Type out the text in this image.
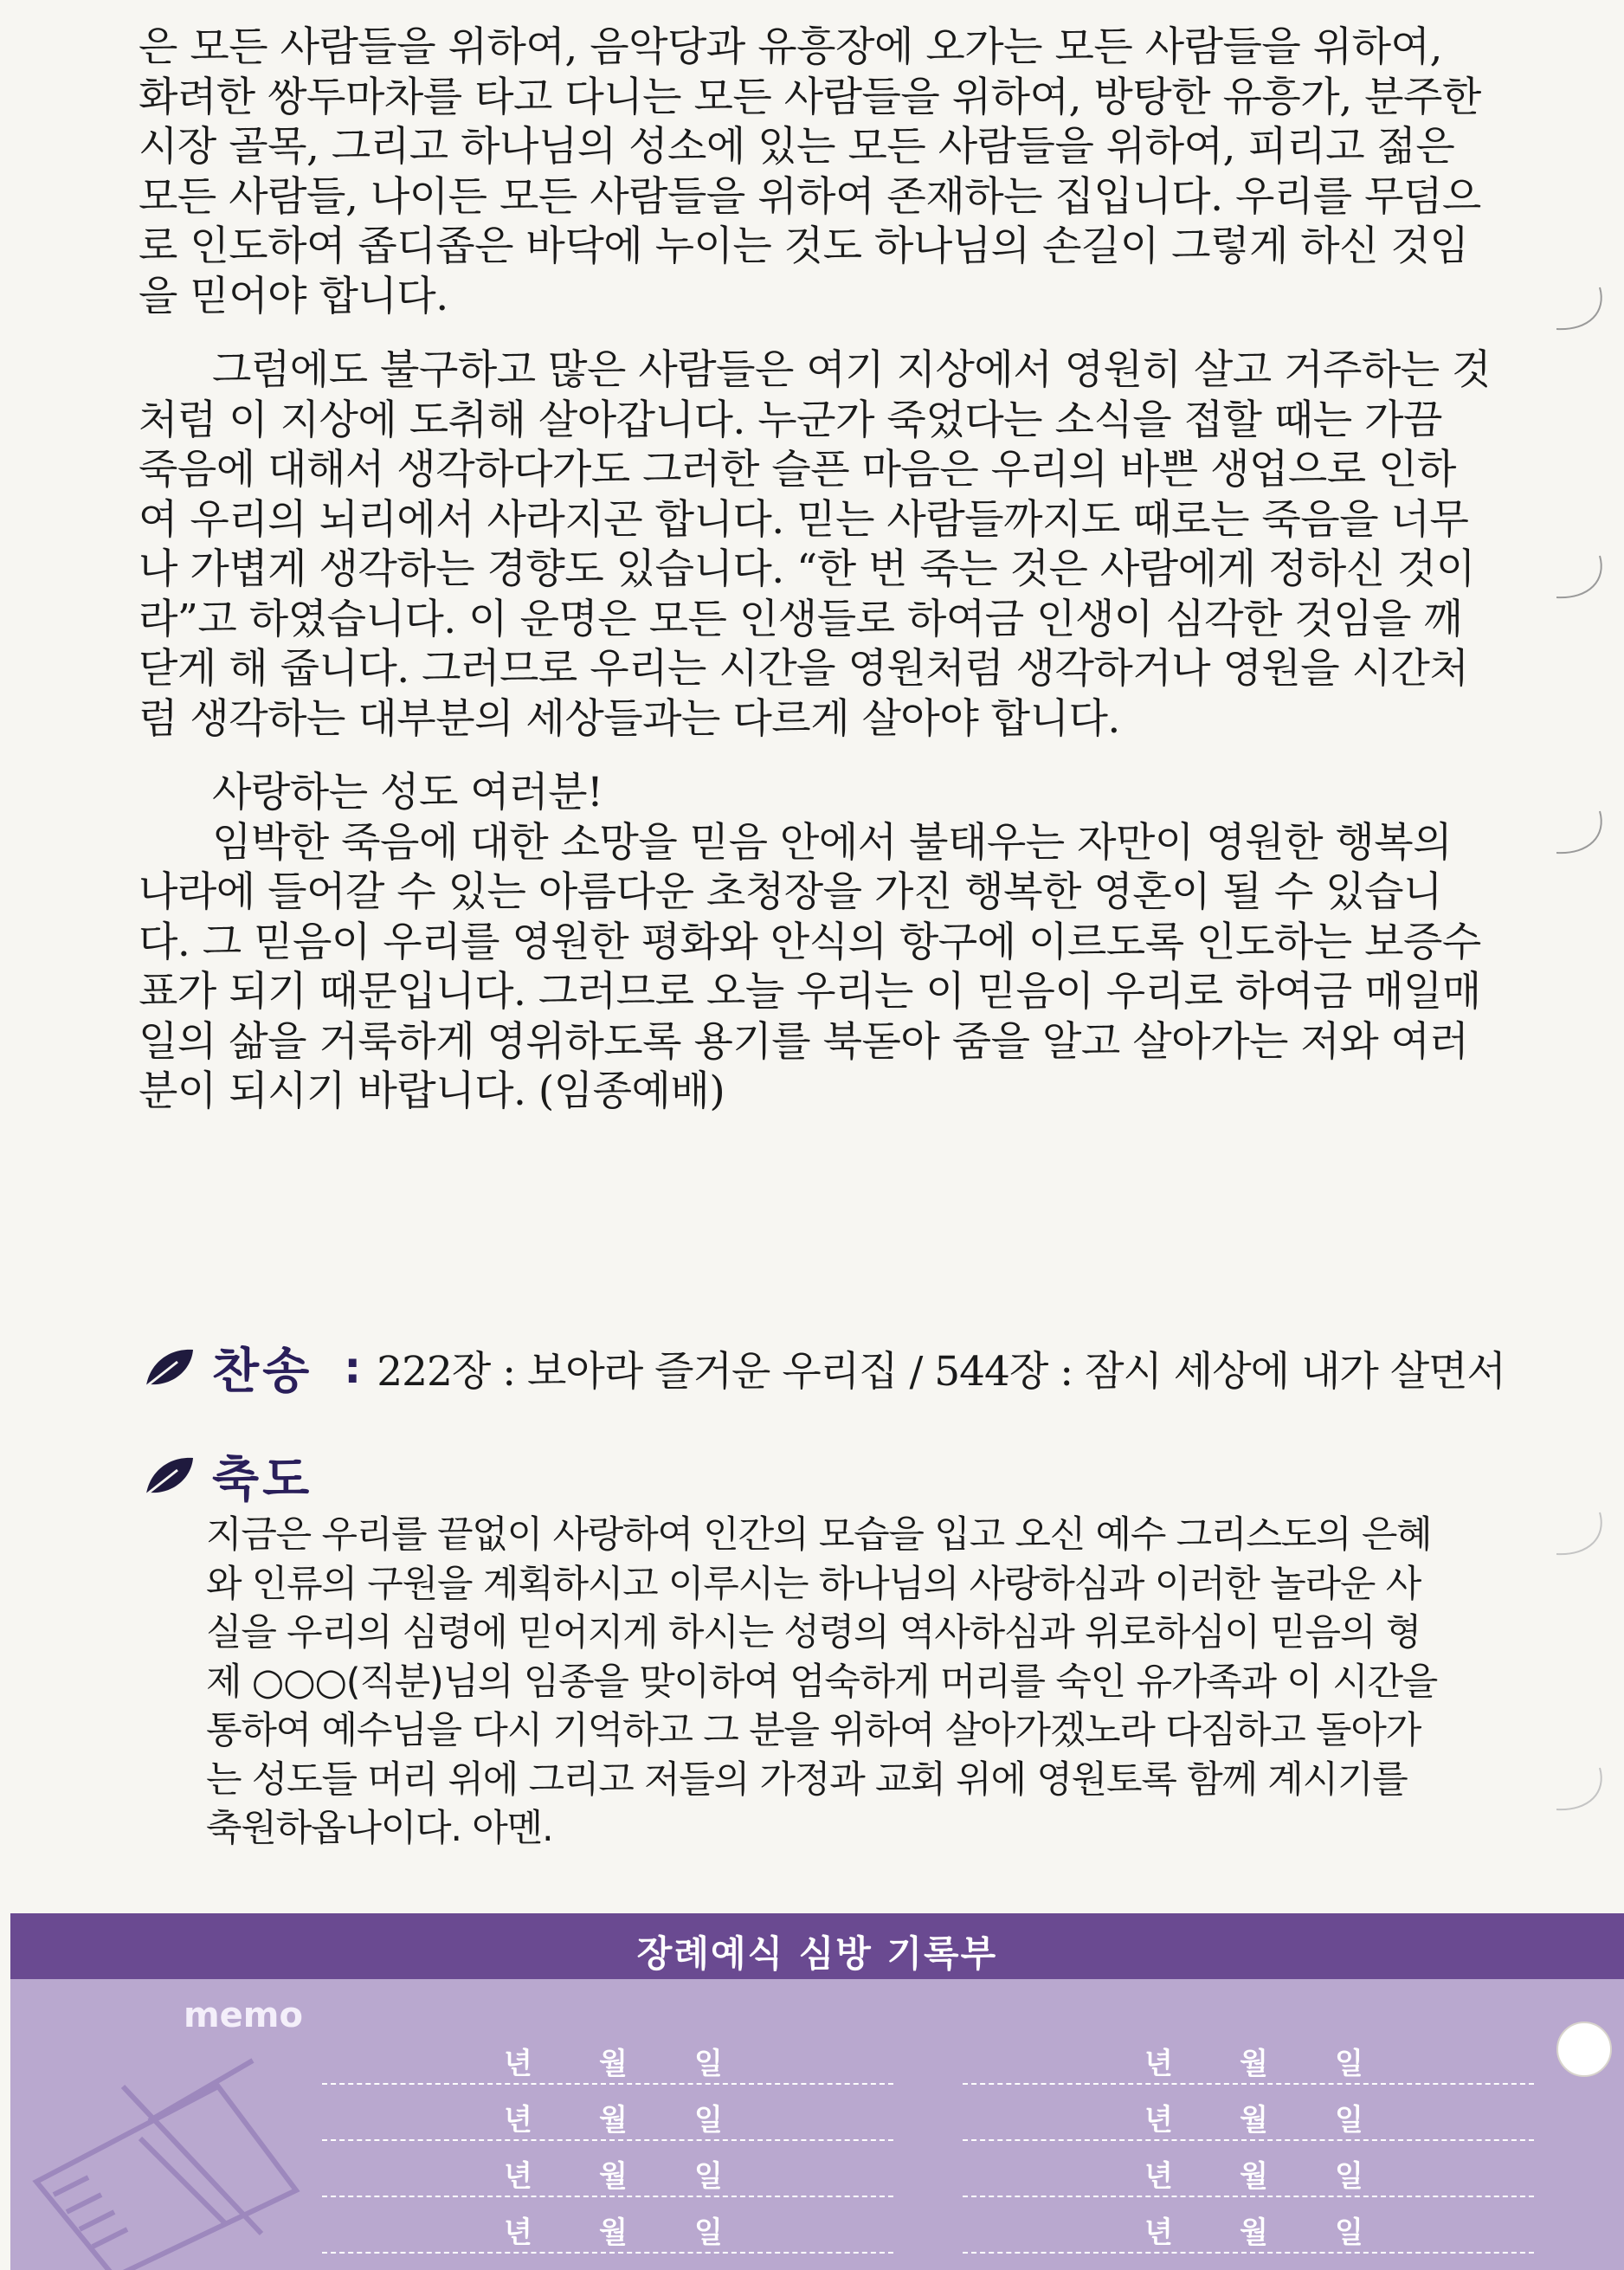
은 모든 사람들을 위하여, 음악당과 유흥장에 오가는 모든 사람들을 위하여,
화려한 쌍두마차를 타고 다니는 모든 사람들을 위하여, 방탕한 유흥가, 분주한
시장 골목, 그리고 하나님의 성소에 있는 모든 사람들을 위하여, 피리고 젊은
모든 사람들, 나이든 모든 사람들을 위하여 존재하는 집입니다. 우리를 무덤으
로 인도하여 좁디좁은 바닥에 누이는 것도 하나님의 손길이 그렇게 하신 것임
을 믿어야 합니다.

그럼에도 불구하고 많은 사람들은 여기 지상에서 영원히 살고 거주하는 것
처럼 이 지상에 도취해 살아갑니다. 누군가 죽었다는 소식을 접할 때는 가끔
죽음에 대해서 생각하다가도 그러한 슬픈 마음은 우리의 바쁜 생업으로 인하
여 우리의 뇌리에서 사라지곤 합니다. 믿는 사람들까지도 때로는 죽음을 너무
나 가볍게 생각하는 경향도 있습니다. “한 번 죽는 것은 사람에게 정하신 것이
라”고 하였습니다. 이 운명은 모든 인생들로 하여금 인생이 심각한 것임을 깨
닫게 해 줍니다. 그러므로 우리는 시간을 영원처럼 생각하거나 영원을 시간처
럼 생각하는 대부분의 세상들과는 다르게 살아야 합니다.

사랑하는 성도 여러분!
임박한 죽음에 대한 소망을 믿음 안에서 불태우는 자만이 영원한 행복의
나라에 들어갈 수 있는 아름다운 초청장을 가진 행복한 영혼이 될 수 있습니
다. 그 믿음이 우리를 영원한 평화와 안식의 항구에 이르도록 인도하는 보증수
표가 되기 때문입니다. 그러므로 오늘 우리는 이 믿음이 우리로 하여금 매일매
일의 삶을 거룩하게 영위하도록 용기를 북돋아 줌을 알고 살아가는 저와 여러
분이 되시기 바랍니다. (임종예배)

찬송 : 222장 : 보아라 즐거운 우리집 / 544장 : 잠시 세상에 내가 살면서
축도
지금은 우리를 끝없이 사랑하여 인간의 모습을 입고 오신 예수 그리스도의 은혜
와 인류의 구원을 계획하시고 이루시는 하나님의 사랑하심과 이러한 놀라운 사
실을 우리의 심령에 믿어지게 하시는 성령의 역사하심과 위로하심이 믿음의 형
제 ○○○(직분)님의 임종을 맞이하여 엄숙하게 머리를 숙인 유가족과 이 시간을
통하여 예수님을 다시 기억하고 그 분을 위하여 살아가겠노라 다짐하고 돌아가
는 성도들 머리 위에 그리고 저들의 가정과 교회 위에 영원토록 함께 계시기를
축원하옵나이다. 아멘.
장례예식 심방 기록부
memo
년	월	일
년	월	일
년	월	일
년	월	일
년	월	일
년	월	일
년	월	일
년	월	일
